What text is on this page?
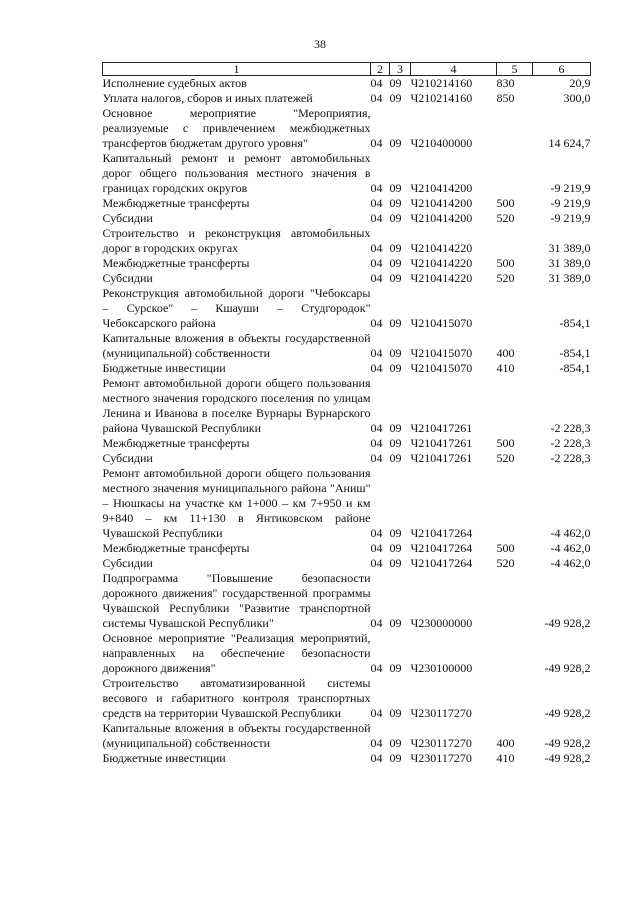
38
1	2	3	4	5	6
Исполнение судебных актов	04	09	Ч210214160	830	20,9
Уплата налогов, сборов и иных платежей	04	09	Ч210214160	850	300,0
Основное мероприятие "Мероприятия, реализуемые с привлечением межбюджетных трансфертов бюджетам другого уровня"	04	09	Ч210400000		14 624,7
Капитальный ремонт и ремонт автомобильных дорог общего пользования местного значения в границах городских округов	04	09	Ч210414200		-9 219,9
Межбюджетные трансферты	04	09	Ч210414200	500	-9 219,9
Субсидии	04	09	Ч210414200	520	-9 219,9
Строительство и реконструкция автомобильных дорог в городских округах	04	09	Ч210414220		31 389,0
Межбюджетные трансферты	04	09	Ч210414220	500	31 389,0
Субсидии	04	09	Ч210414220	520	31 389,0
Реконструкция автомобильной дороги "Чебоксары – Сурское" – Кшауши – Студгородок" Чебоксарского района	04	09	Ч210415070		-854,1
Капитальные вложения в объекты государственной (муниципальной) собственности	04	09	Ч210415070	400	-854,1
Бюджетные инвестиции	04	09	Ч210415070	410	-854,1
Ремонт автомобильной дороги общего пользования местного значения городского поселения по улицам Ленина и Иванова в поселке Вурнары Вурнарского района Чувашской Республики	04	09	Ч210417261		-2 228,3
Межбюджетные трансферты	04	09	Ч210417261	500	-2 228,3
Субсидии	04	09	Ч210417261	520	-2 228,3
Ремонт автомобильной дороги общего пользования местного значения муниципального района "Аниш" – Нюшкасы на участке км 1+000 – км 7+950 и км 9+840 – км 11+130 в Янтиковском районе Чувашской Республики	04	09	Ч210417264		-4 462,0
Межбюджетные трансферты	04	09	Ч210417264	500	-4 462,0
Субсидии	04	09	Ч210417264	520	-4 462,0
Подпрограмма "Повышение безопасности дорожного движения" государственной программы Чувашской Республики "Развитие транспортной системы Чувашской Республики"	04	09	Ч230000000		-49 928,2
Основное мероприятие "Реализация мероприятий, направленных на обеспечение безопасности дорожного движения"	04	09	Ч230100000		-49 928,2
Строительство автоматизированной системы весового и габаритного контроля транспортных средств на территории Чувашской Республики	04	09	Ч230117270		-49 928,2
Капитальные вложения в объекты государственной (муниципальной) собственности	04	09	Ч230117270	400	-49 928,2
Бюджетные инвестиции	04	09	Ч230117270	410	-49 928,2
